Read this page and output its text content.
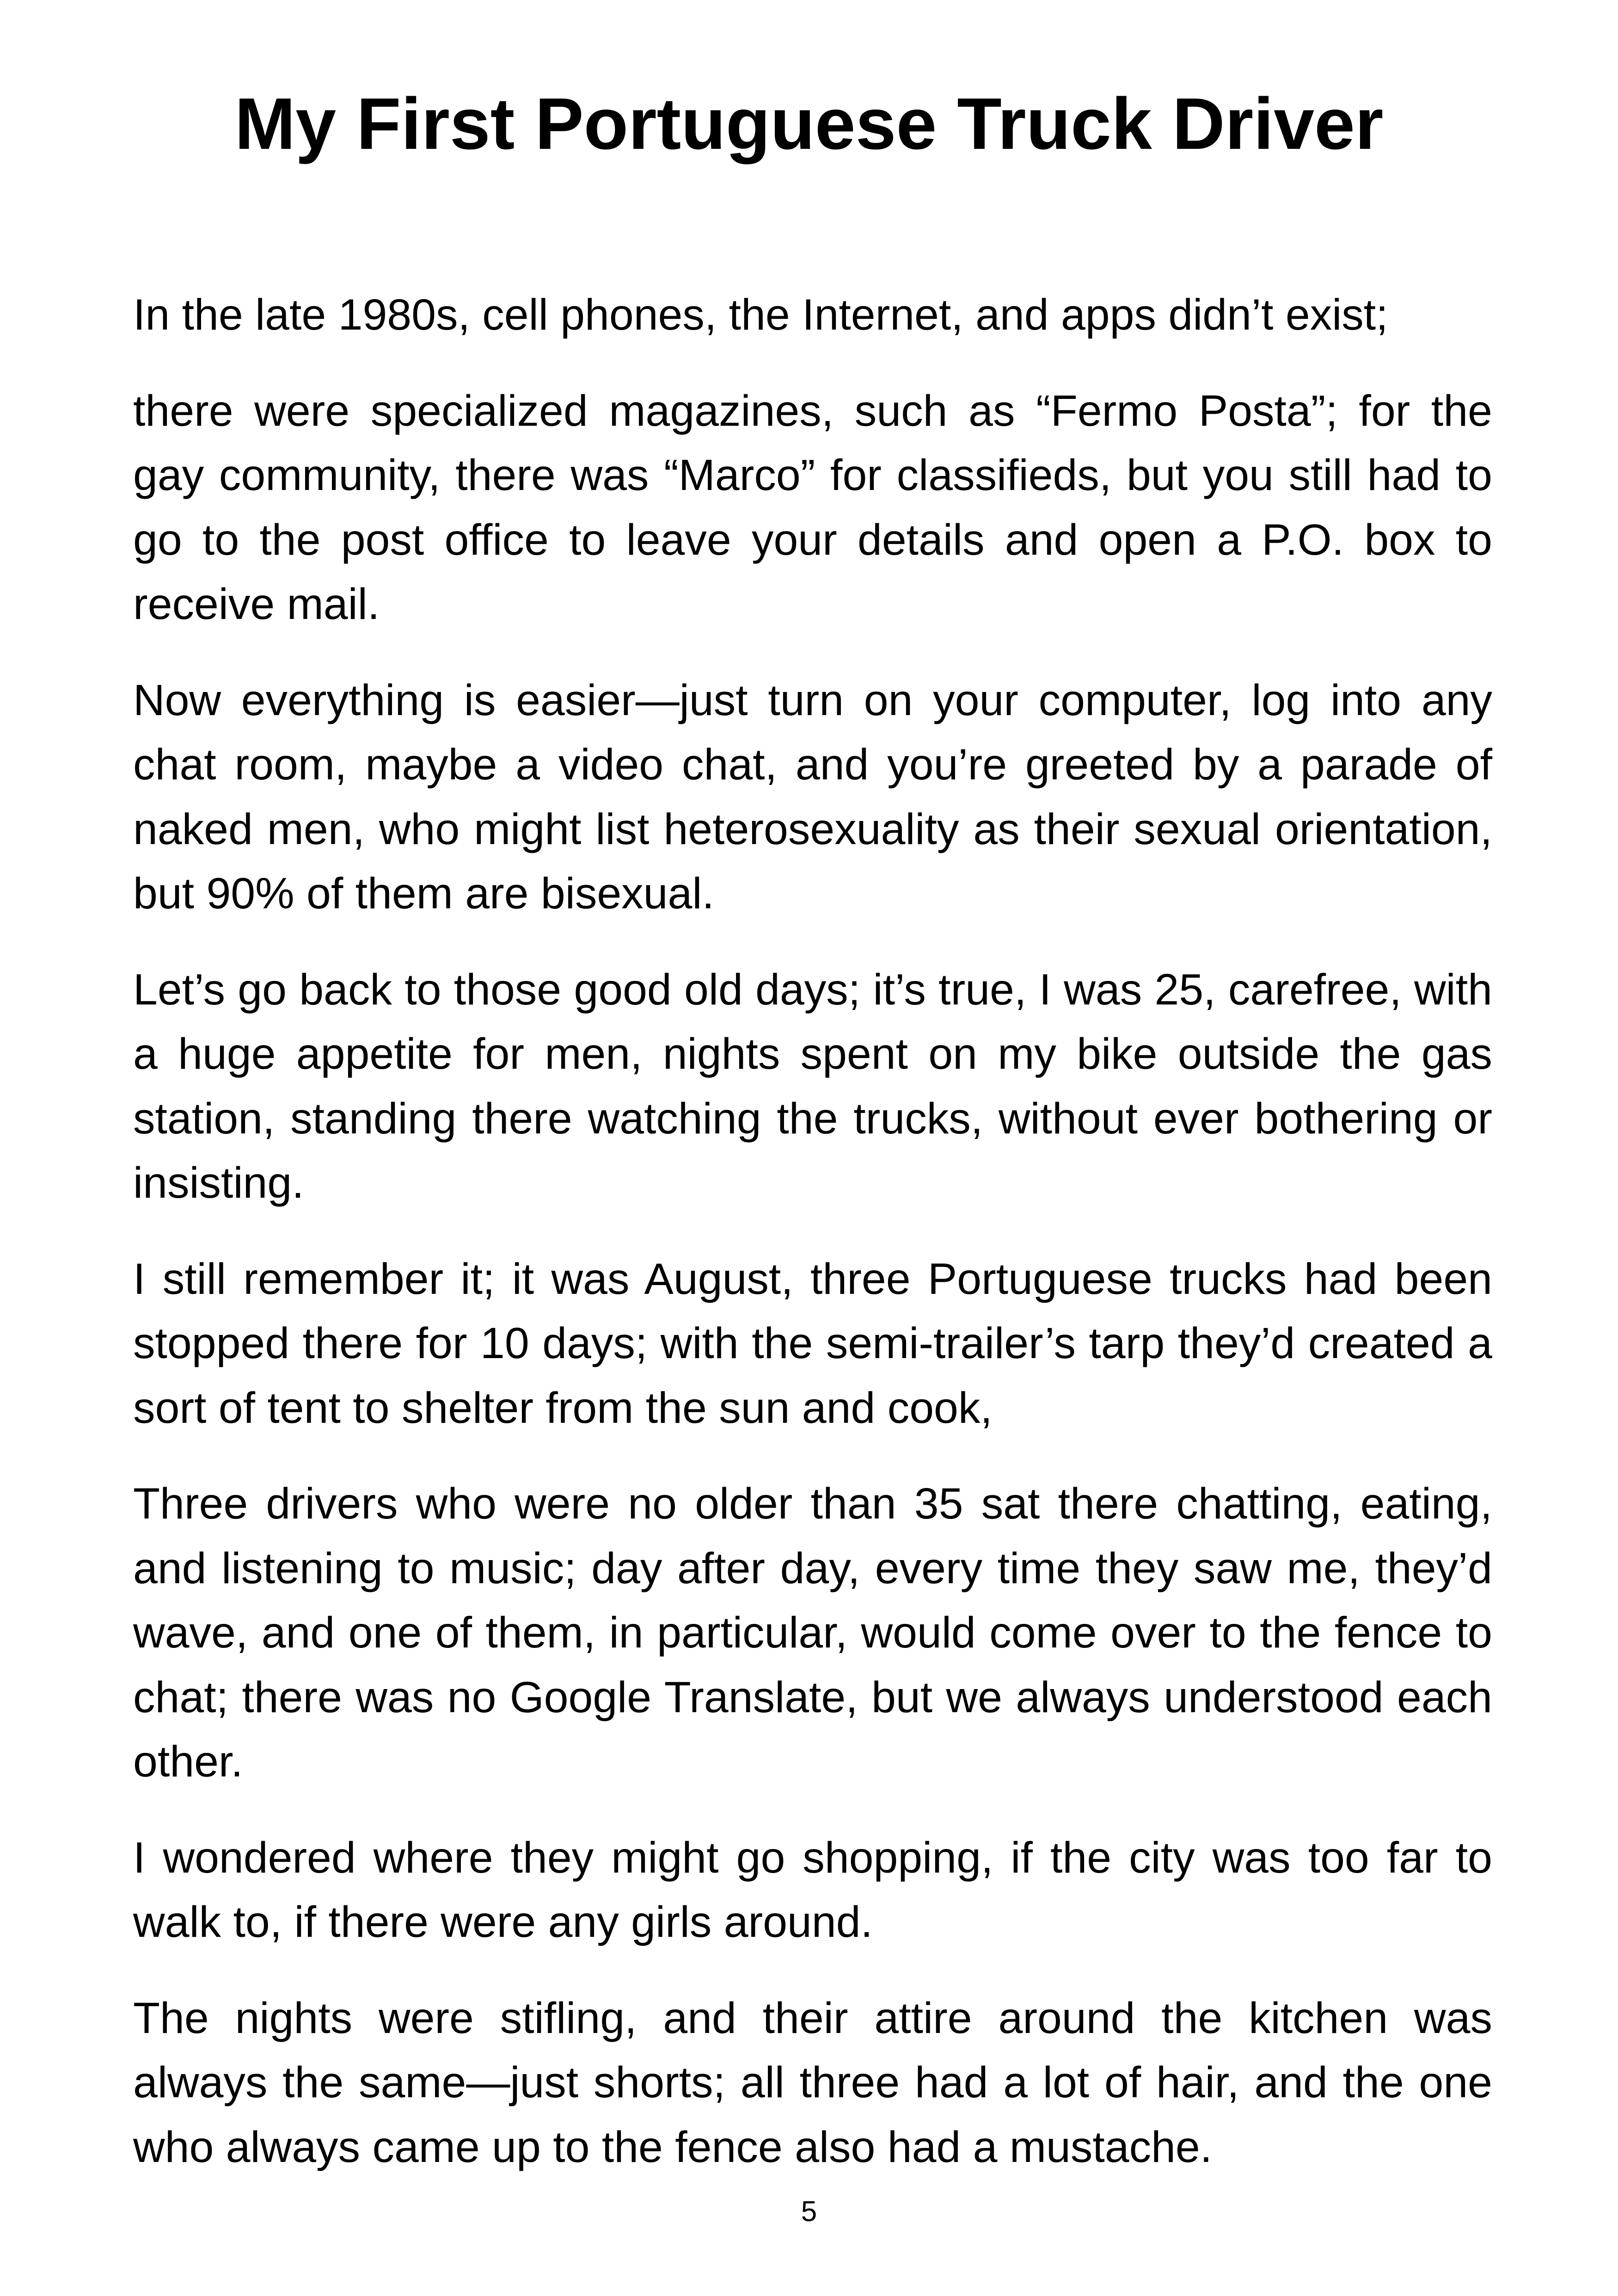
My First Portuguese Truck Driver

In the late 1980s, cell phones, the Internet, and apps didn’t exist;

there were specialized magazines, such as “Fermo Posta”; for the gay community, there was “Marco” for classifieds, but you still had to go to the post office to leave your details and open a P.O. box to receive mail.

Now everything is easier—just turn on your computer, log into any chat room, maybe a video chat, and you’re greeted by a parade of naked men, who might list heterosexuality as their sexual orientation, but 90% of them are bisexual.

Let’s go back to those good old days; it’s true, I was 25, carefree, with a huge appetite for men, nights spent on my bike outside the gas station, standing there watching the trucks, without ever bothering or insisting.

I still remember it; it was August, three Portuguese trucks had been stopped there for 10 days; with the semi-trailer’s tarp they’d created a sort of tent to shelter from the sun and cook,

Three drivers who were no older than 35 sat there chatting, eating, and listening to music; day after day, every time they saw me, they’d wave, and one of them, in particular, would come over to the fence to chat; there was no Google Translate, but we always understood each other.

I wondered where they might go shopping, if the city was too far to walk to, if there were any girls around.

The nights were stifling, and their attire around the kitchen was always the same—just shorts; all three had a lot of hair, and the one who always came up to the fence also had a mustache.

5
